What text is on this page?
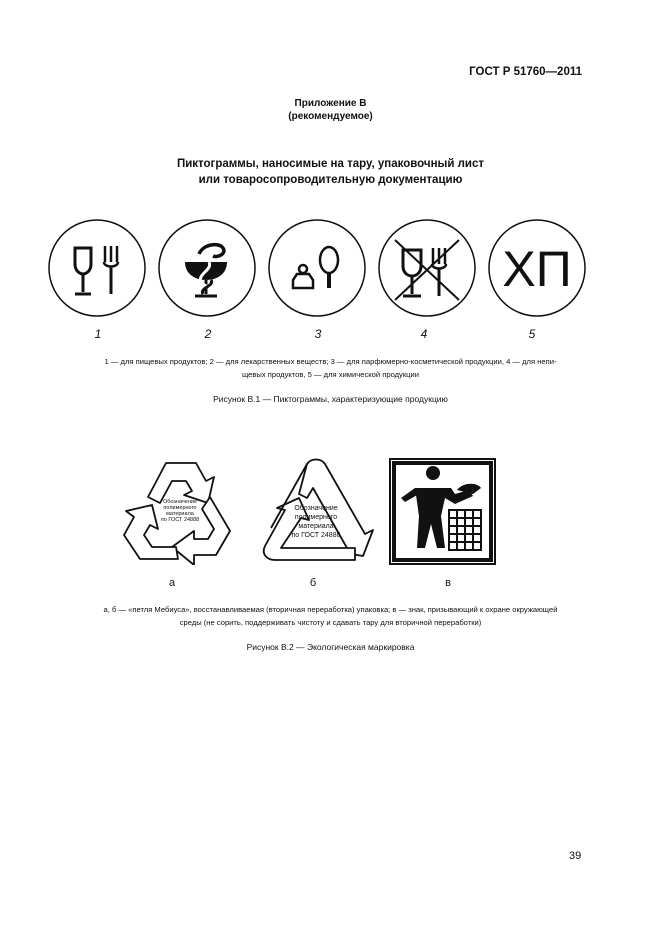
ГОСТ Р 51760—2011
Приложение В
(рекомендуемое)
Пиктограммы, наносимые на тару, упаковочный лист
или товаросопроводительную документацию
ХП
1	2	3	4	5
1 — для пищевых продуктов; 2 — для лекарственных веществ; 3 — для парфюмерно-косметической продукции, 4 — для непи-
щевых продуктов, 5 — для химической продукции
Рисунок В.1 — Пиктограммы, характеризующие продукцию
Обозначение
полимерного
материала
по ГОСТ 24888
Обозначение
полимерного
материала
по ГОСТ 24888
а	б	в
а, б — «петля Мебиуса», восстанавливаемая (вторичная переработка) упаковка; в — знак, призывающий к охране окружающей
среды (не сорить, поддерживать чистоту и сдавать тару для вторичной переработки)
Рисунок В.2 — Экологическая маркировка
39
